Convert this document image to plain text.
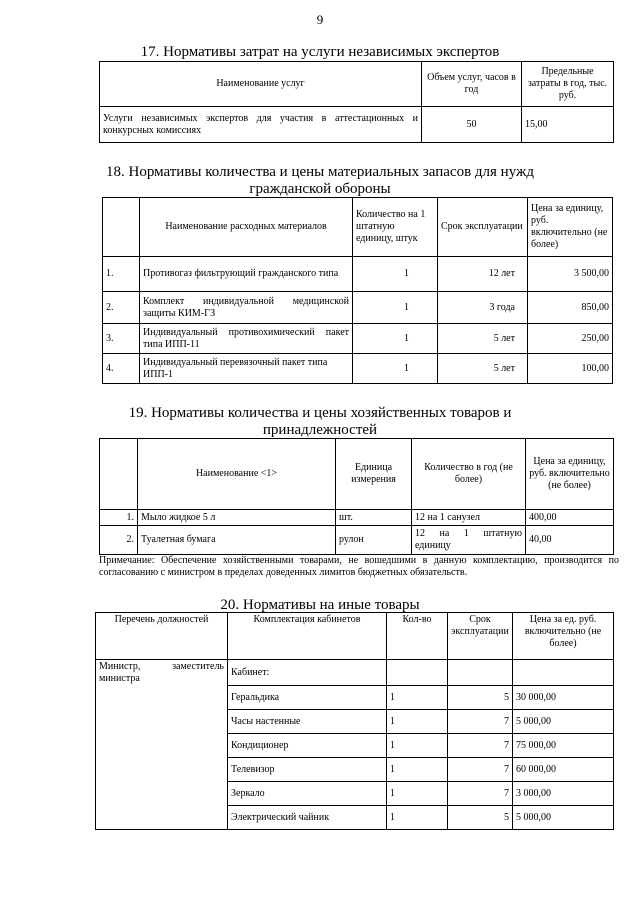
9
17. Нормативы затрат на услуги независимых экспертов
Наименование услуг	Объем услуг, часов в год	Предельные затраты в год, тыс. руб.
Услуги независимых экспертов для участия в аттестационных и конкурсных комиссиях	50	15,00
18. Нормативы количества и цены материальных запасов для нужд
гражданской обороны
	Наименование расходных материалов	Количество на 1 штатную единицу, штук	Срок эксплуатации	Цена за единицу, руб. включительно (не более)
1.	Противогаз фильтрующий гражданского типа	1	12 лет	3 500,00
2.	Комплект индивидуальной медицинской защиты КИМ-ГЗ	1	3 года	850,00
3.	Индивидуальный противохимический пакет типа ИПП-11	1	5 лет	250,00
4.	Индивидуальный перевязочный пакет типа ИПП-1	1	5 лет	100,00
19. Нормативы количества и цены хозяйственных товаров и
принадлежностей
	Наименование <1>	Единица измерения	Количество в год (не более)	Цена за единицу, руб. включительно (не более)
1.	Мыло жидкое 5 л	шт.	12 на 1 санузел	400,00
2.	Туалетная бумага	рулон	12 на 1 штатную единицу	40,00
Примечание: Обеспечение хозяйственными товарами, не вошедшими в данную комплектацию, производится по согласованию с министром в пределах доведенных лимитов бюджетных обязательств.
20. Нормативы на иные товары
Перечень должностей	Комплектация кабинетов	Кол-во	Срок эксплуатации	Цена за ед. руб. включительно (не более)
Министр, заместитель министра	Кабинет:			
	Геральдика	1	5	30 000,00
	Часы настенные	1	7	5 000,00
	Кондиционер	1	7	75 000,00
	Телевизор	1	7	60 000,00
	Зеркало	1	7	3 000,00
	Электрический чайник	1	5	5 000,00
